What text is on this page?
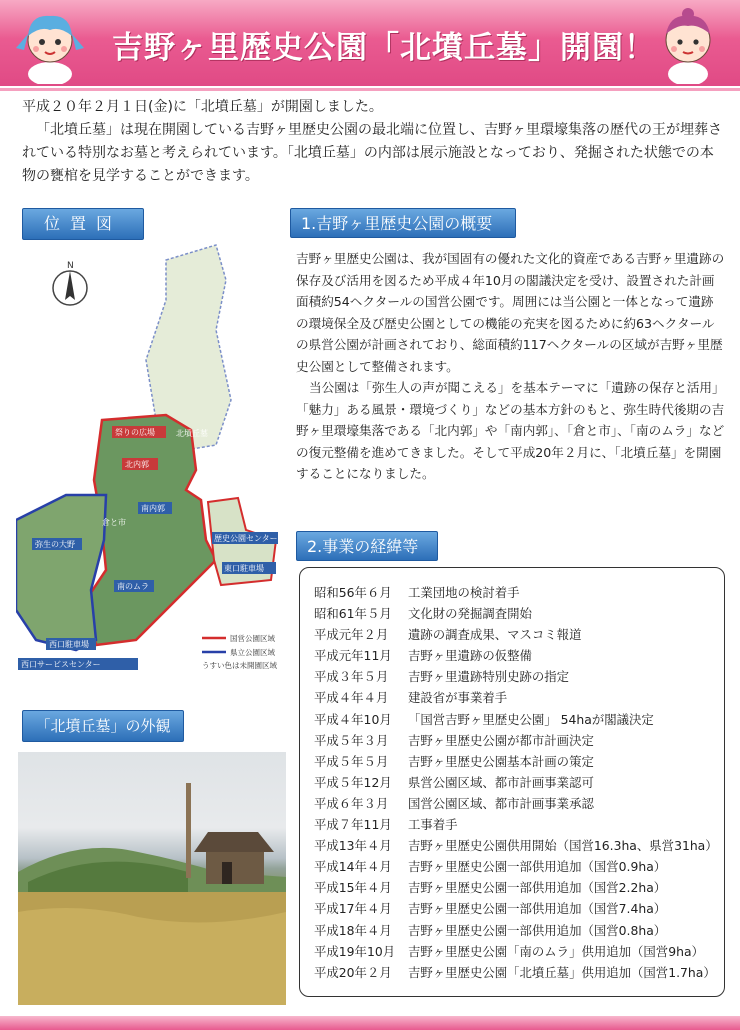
吉野ヶ里歴史公園「北墳丘墓」開園！

平成２０年２月１日(金)に「北墳丘墓」が開園しました。

「北墳丘墓」は現在開園している吉野ヶ里歴史公園の最北端に位置し、吉野ヶ里環壕集落の歴代の王が埋葬されている特別なお墓と考えられています。「北墳丘墓」の内部は展示施設となっており、発掘された状態での本物の甕棺を見学することができます。

位置図	1.吉野ヶ里歴史公園の概要
N
祭りの広場	北墳丘墓
北内郭
南内郭
倉と市
弥生の大野
南のムラ
歴史公園センター
東口駐車場
西口駐車場
西口サービスセンター
国営公園区域
県立公園区域
うすい色は未開園区域
「北墳丘墓」の外観

吉野ヶ里歴史公園は、我が国固有の優れた文化的資産である吉野ヶ里遺跡の保存及び活用を図るため平成４年10月の閣議決定を受け、設置された計画面積約54ヘクタールの国営公園です。周囲には当公園と一体となって遺跡の環境保全及び歴史公園としての機能の充実を図るために約63ヘクタールの県営公園が計画されており、総面積約117ヘクタールの区域が吉野ヶ里歴史公園として整備されます。

当公園は「弥生人の声が聞こえる」を基本テーマに「遺跡の保存と活用」「魅力」ある風景・環境づくり」などの基本方針のもと、弥生時代後期の吉野ヶ里環壕集落である「北内郭」や「南内郭」、「倉と市」、「南のムラ」などの復元整備を進めてきました。そして平成20年２月に、「北墳丘墓」を開園することになりました。

2.事業の経緯等
昭和56年６月	工業団地の検討着手
昭和61年５月	文化財の発掘調査開始
平成元年２月	遺跡の調査成果、マスコミ報道
平成元年11月	吉野ヶ里遺跡の仮整備
平成３年５月	吉野ヶ里遺跡特別史跡の指定
平成４年４月	建設省が事業着手
平成４年10月	「国営吉野ヶ里歴史公園」 54haが閣議決定
平成５年３月	吉野ヶ里歴史公園が都市計画決定
平成５年５月	吉野ヶ里歴史公園基本計画の策定
平成５年12月	県営公園区域、都市計画事業認可
平成６年３月	国営公園区域、都市計画事業承認
平成７年11月	工事着手
平成13年４月	吉野ヶ里歴史公園供用開始（国営16.3ha、県営31ha）
平成14年４月	吉野ヶ里歴史公園一部供用追加（国営0.9ha）
平成15年４月	吉野ヶ里歴史公園一部供用追加（国営2.2ha）
平成17年４月	吉野ヶ里歴史公園一部供用追加（国営7.4ha）
平成18年４月	吉野ヶ里歴史公園一部供用追加（国営0.8ha）
平成19年10月	吉野ヶ里歴史公園「南のムラ」供用追加（国営9ha）
平成20年２月	吉野ヶ里歴史公園「北墳丘墓」供用追加（国営1.7ha）
